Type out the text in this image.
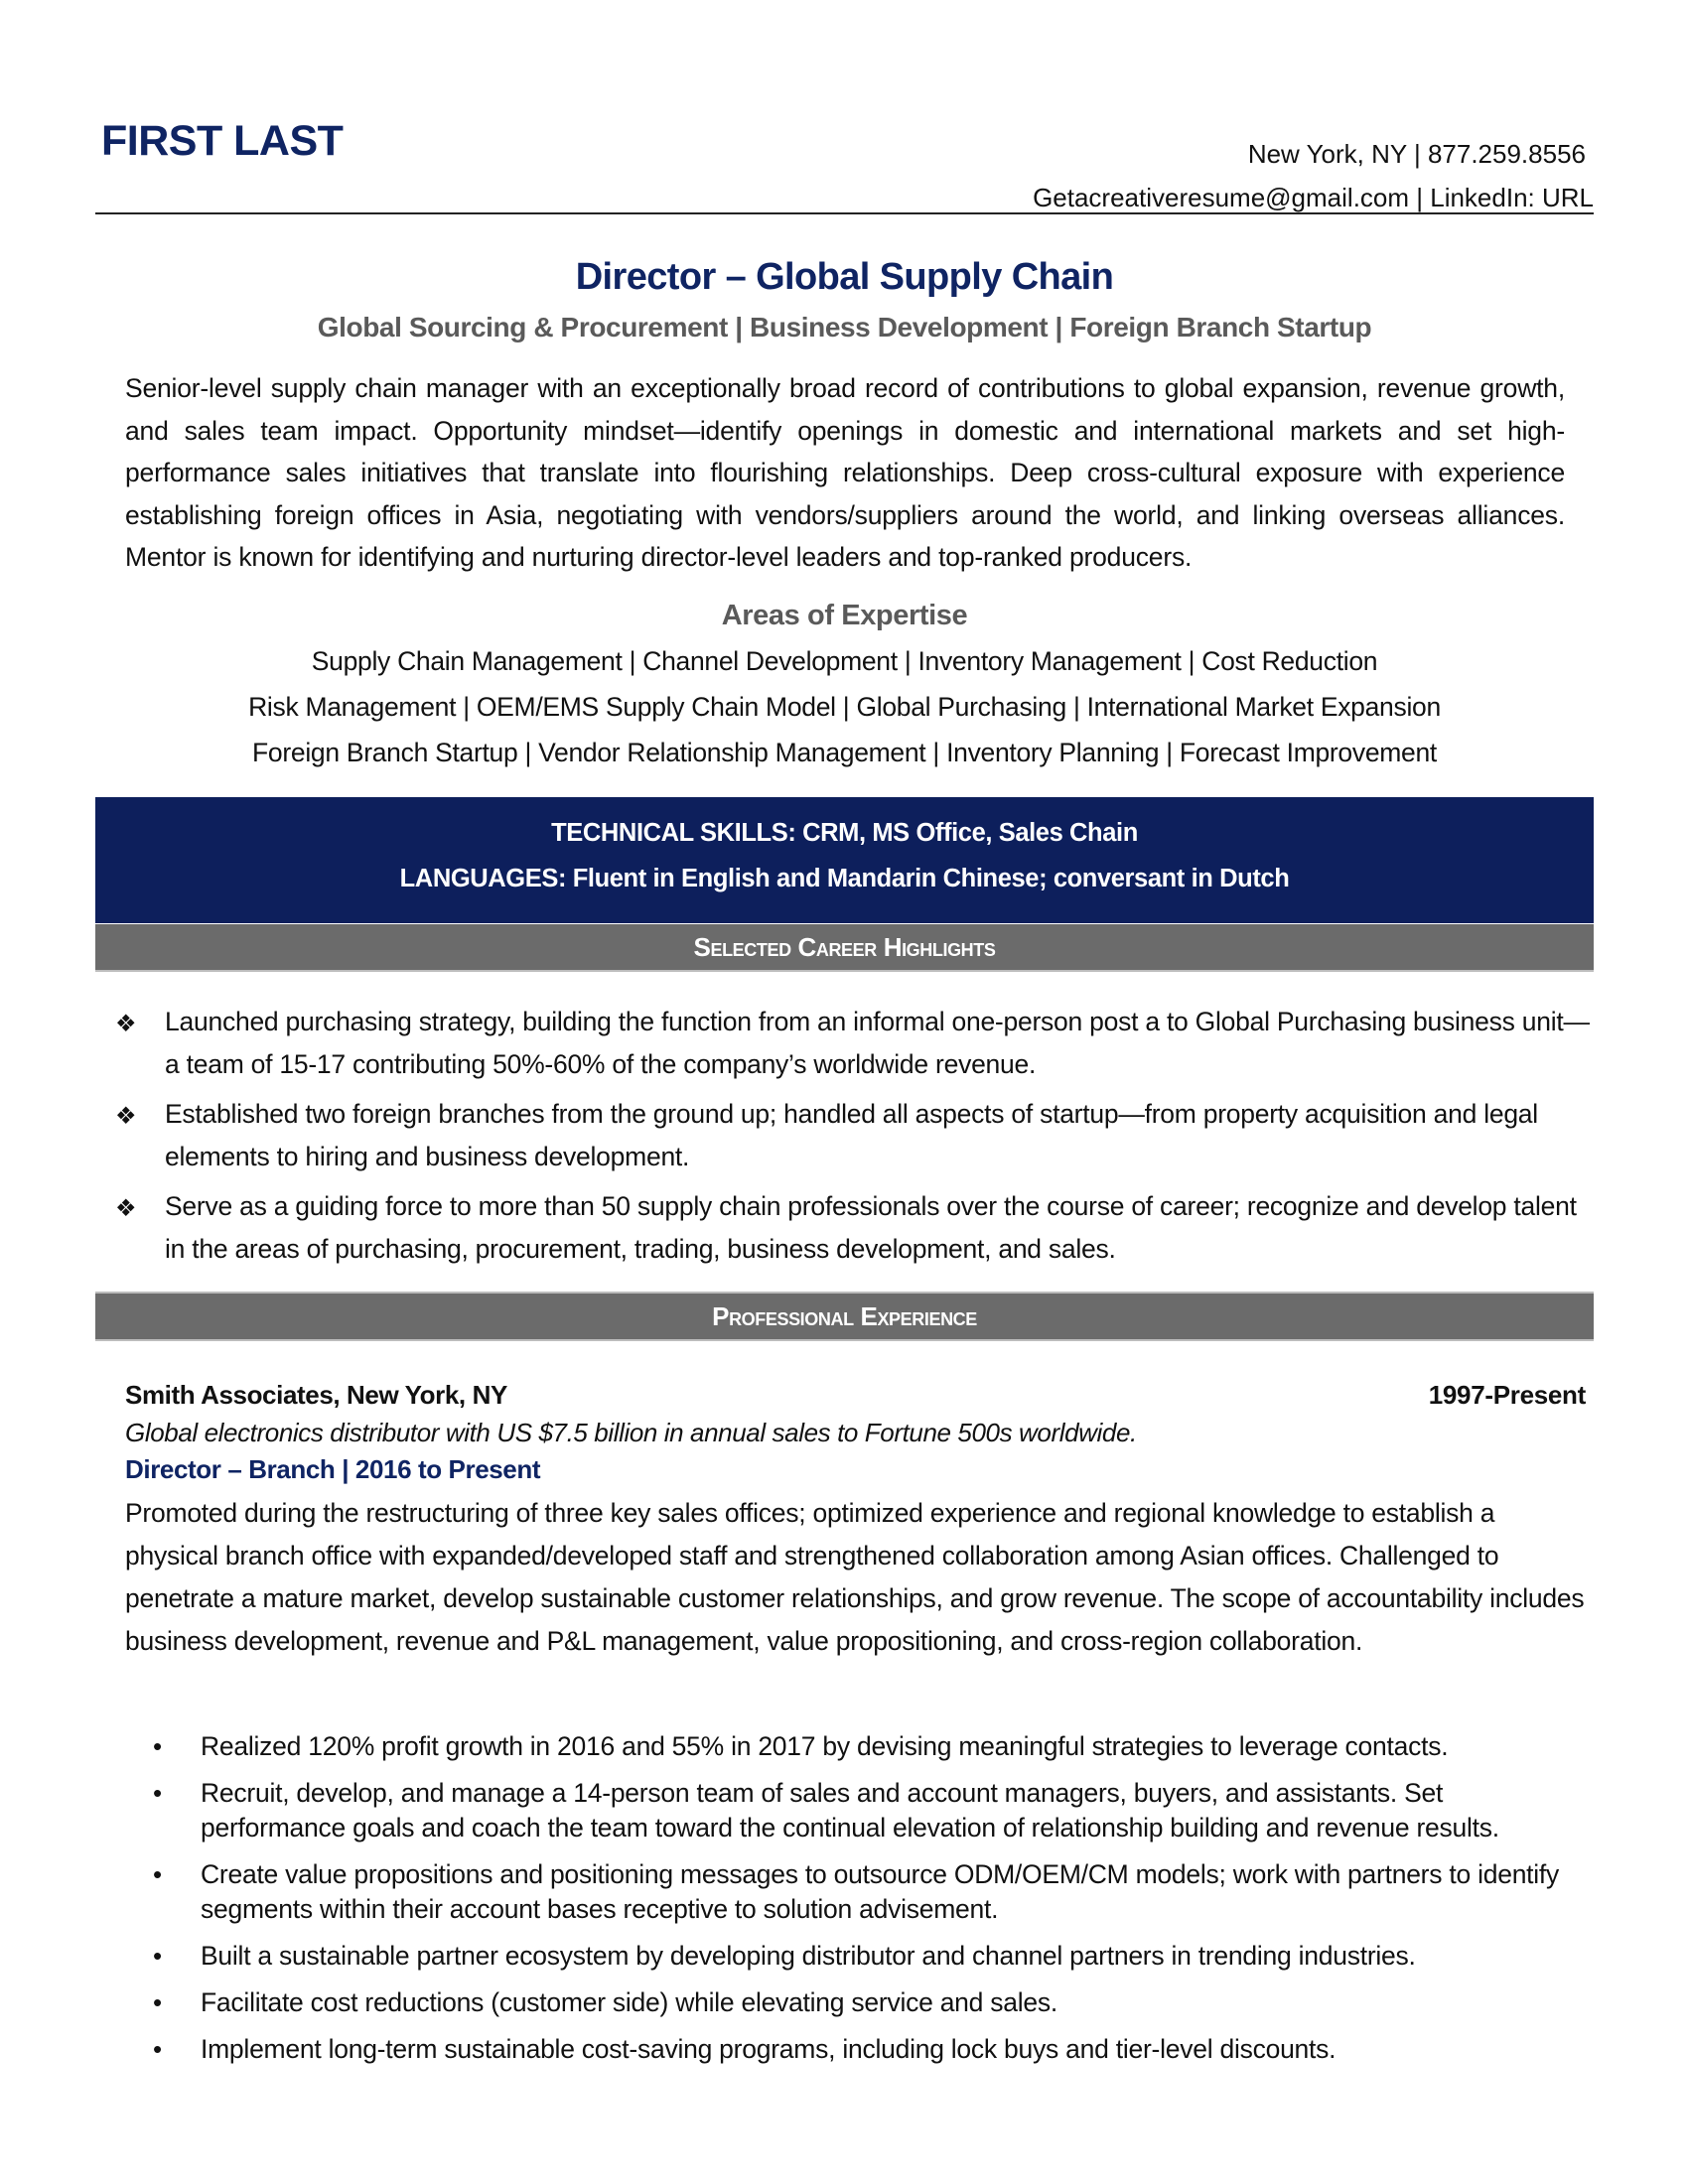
FIRST LAST	New York, NY | 877.259.8556
Getacreativeresume@gmail.com | LinkedIn: URL
Director – Global Supply Chain
Global Sourcing & Procurement | Business Development | Foreign Branch Startup
Senior-level supply chain manager with an exceptionally broad record of contributions to global expansion, revenue growth, and sales team impact. Opportunity mindset—identify openings in domestic and international markets and set high-performance sales initiatives that translate into flourishing relationships. Deep cross-cultural exposure with experience establishing foreign offices in Asia, negotiating with vendors/suppliers around the world, and linking overseas alliances. Mentor is known for identifying and nurturing director-level leaders and top-ranked producers.
Areas of Expertise
Supply Chain Management | Channel Development | Inventory Management | Cost Reduction
Risk Management | OEM/EMS Supply Chain Model | Global Purchasing | International Market Expansion
Foreign Branch Startup | Vendor Relationship Management | Inventory Planning | Forecast Improvement
TECHNICAL SKILLS: CRM, MS Office, Sales Chain
LANGUAGES: Fluent in English and Mandarin Chinese; conversant in Dutch
Selected Career Highlights
❖ Launched purchasing strategy, building the function from an informal one-person post a to Global Purchasing business unit—a team of 15-17 contributing 50%-60% of the company’s worldwide revenue.
❖ Established two foreign branches from the ground up; handled all aspects of startup—from property acquisition and legal elements to hiring and business development.
❖ Serve as a guiding force to more than 50 supply chain professionals over the course of career; recognize and develop talent in the areas of purchasing, procurement, trading, business development, and sales.
Professional Experience
Smith Associates, New York, NY	1997-Present
Global electronics distributor with US $7.5 billion in annual sales to Fortune 500s worldwide.
Director – Branch | 2016 to Present
Promoted during the restructuring of three key sales offices; optimized experience and regional knowledge to establish a physical branch office with expanded/developed staff and strengthened collaboration among Asian offices. Challenged to penetrate a mature market, develop sustainable customer relationships, and grow revenue. The scope of accountability includes business development, revenue and P&L management, value propositioning, and cross-region collaboration.
• Realized 120% profit growth in 2016 and 55% in 2017 by devising meaningful strategies to leverage contacts.
• Recruit, develop, and manage a 14-person team of sales and account managers, buyers, and assistants. Set performance goals and coach the team toward the continual elevation of relationship building and revenue results.
• Create value propositions and positioning messages to outsource ODM/OEM/CM models; work with partners to identify segments within their account bases receptive to solution advisement.
• Built a sustainable partner ecosystem by developing distributor and channel partners in trending industries.
• Facilitate cost reductions (customer side) while elevating service and sales.
• Implement long-term sustainable cost-saving programs, including lock buys and tier-level discounts.
